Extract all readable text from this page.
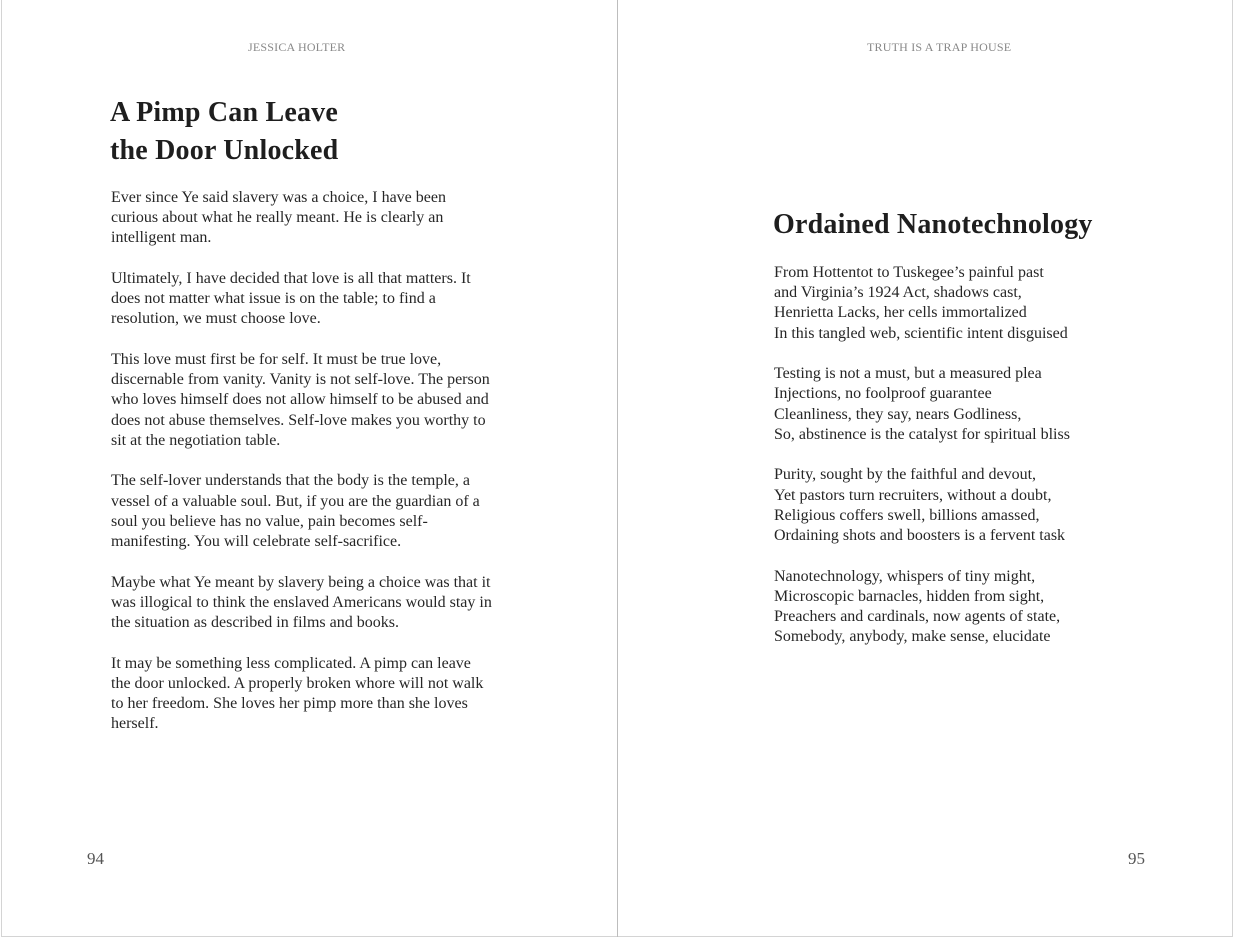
JESSICA HOLTER
A Pimp Can Leave
the Door Unlocked

Ever since Ye said slavery was a choice, I have been curious about what he really meant. He is clearly an intelligent man.

Ultimately, I have decided that love is all that matters. It does not matter what issue is on the table; to find a resolution, we must choose love.

This love must first be for self. It must be true love, discernable from vanity. Vanity is not self-love. The person who loves himself does not allow himself to be abused and does not abuse themselves. Self-love makes you worthy to sit at the negotiation table.

The self-lover understands that the body is the temple, a vessel of a valuable soul. But, if you are the guardian of a soul you believe has no value, pain becomes self-manifesting. You will celebrate self-sacrifice.

Maybe what Ye meant by slavery being a choice was that it was illogical to think the enslaved Americans would stay in the situation as described in films and books.

It may be something less complicated. A pimp can leave the door unlocked. A properly broken whore will not walk to her freedom. She loves her pimp more than she loves herself.

94
TRUTH IS A TRAP HOUSE
Ordained Nanotechnology
From Hottentot to Tuskegee’s painful past
and Virginia’s 1924 Act, shadows cast,
Henrietta Lacks, her cells immortalized
In this tangled web, scientific intent disguised
Testing is not a must, but a measured plea
Injections, no foolproof guarantee
Cleanliness, they say, nears Godliness,
So, abstinence is the catalyst for spiritual bliss
Purity, sought by the faithful and devout,
Yet pastors turn recruiters, without a doubt,
Religious coffers swell, billions amassed,
Ordaining shots and boosters is a fervent task
Nanotechnology, whispers of tiny might,
Microscopic barnacles, hidden from sight,
Preachers and cardinals, now agents of state,
Somebody, anybody, make sense, elucidate
95
